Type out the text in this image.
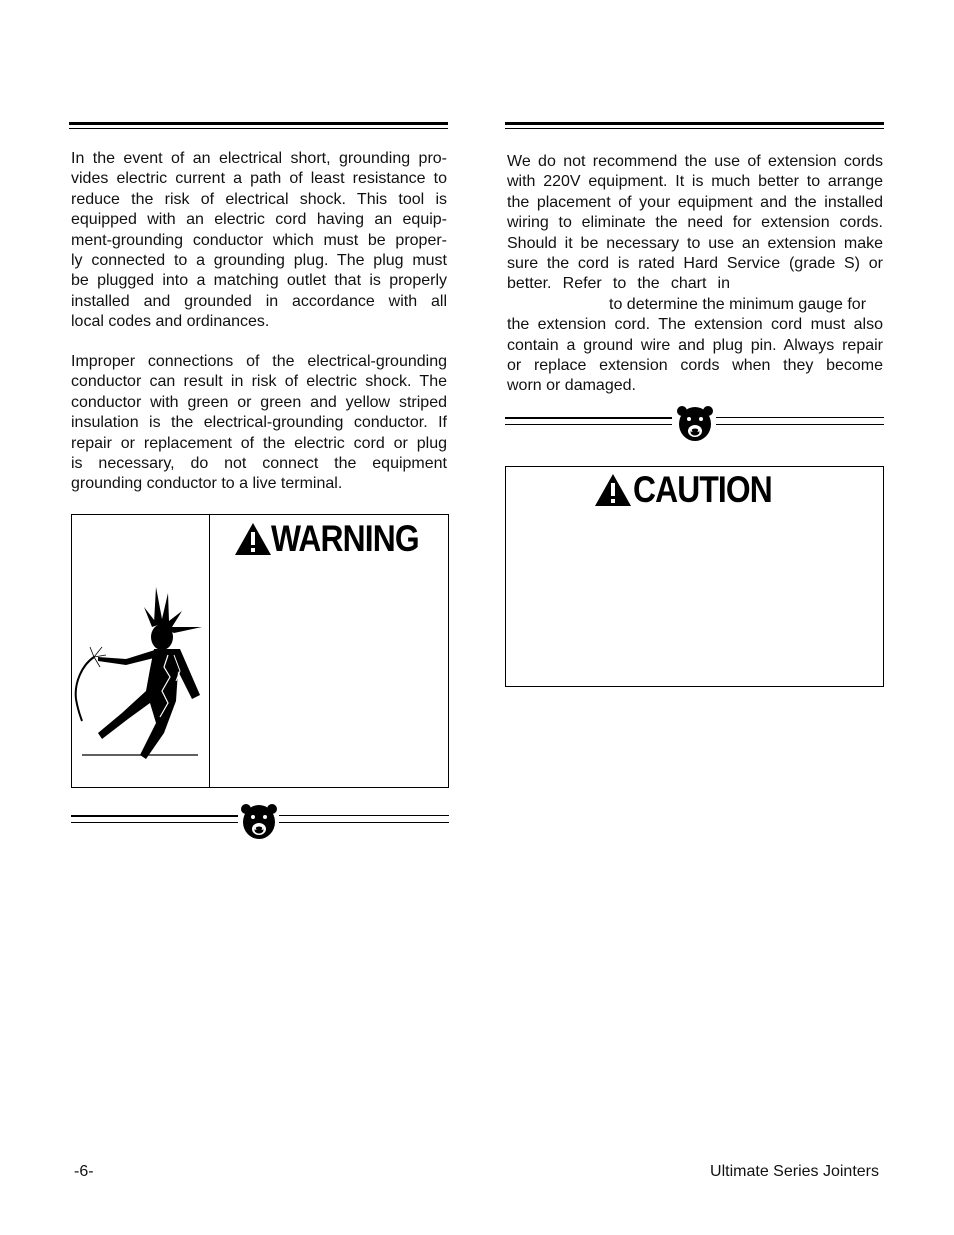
In the event of an electrical short, grounding pro-
vides electric current a path of least resistance to
reduce the risk of electrical shock. This tool is
equipped with an electric cord having an equip-
ment-grounding conductor which must be proper-
ly connected to a grounding plug. The plug must
be plugged into a matching outlet that is properly
installed and grounded in accordance with all
local codes and ordinances.
Improper connections of the electrical-grounding
conductor can result in risk of electric shock. The
conductor with green or green and yellow striped
insulation is the electrical-grounding conductor. If
repair or replacement of the electric cord or plug
is necessary, do not connect the equipment
grounding conductor to a live terminal.
WARNING
We do not recommend the use of extension cords
with 220V equipment. It is much better to arrange
the placement of your equipment and the installed
wiring to eliminate the need for extension cords.
Should it be necessary to use an extension make
sure the cord is rated Hard Service (grade S) or
better. Refer to the chart in
to determine the minimum gauge for
the extension cord. The extension cord must also
contain a ground wire and plug pin. Always repair
or replace extension cords when they become
worn or damaged.
CAUTION
-6-	Ultimate Series Jointers
